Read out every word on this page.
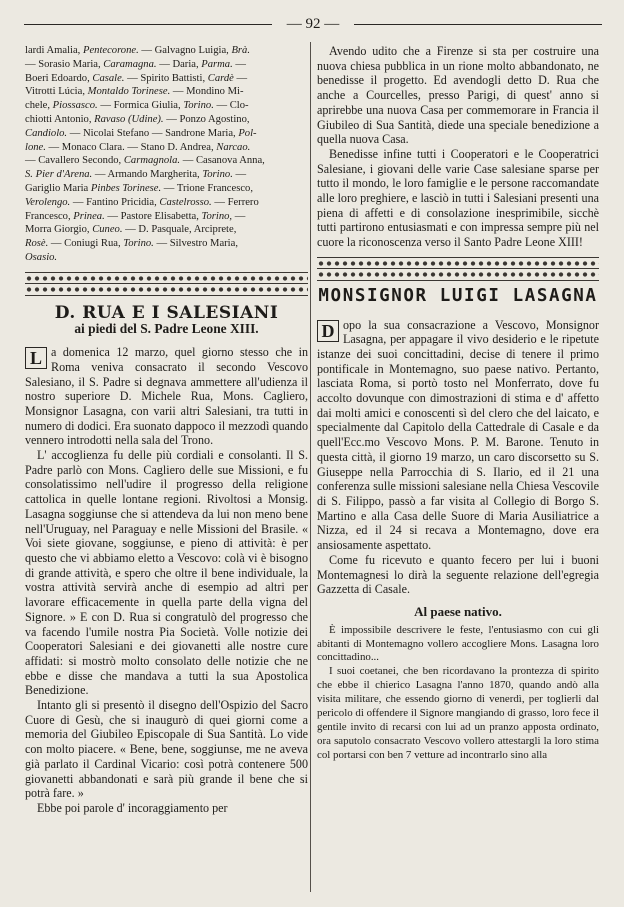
— 92 —
lardi Amalia, Pentecorone. — Galvagno Luigia, Brà.
— Sorasio Maria, Caramagna. — Daria, Parma. —
Boeri Edoardo, Casale. — Spirito Battisti, Cardè —
Vitrotti Lúcia, Montaldo Torinese. — Mondino Mi-
chele, Piossasco. — Formica Giulia, Torino. — Clo-
chiotti Antonio, Ravaso (Udine). — Ponzo Agostino,
Candiolo. — Nicolai Stefano — Sandrone Maria, Pol-
lone. — Monaco Clara. — Stano D. Andrea, Narcao.
— Cavallero Secondo, Carmagnola. — Casanova Anna,
S. Pier d'Arena. — Armando Margherita, Torino. —
Gariglio Maria Pinbes Torinese. — Trione Francesco,
Verolengo. — Fantino Pricidia, Castelrosso. — Ferrero
Francesco, Prinea. — Pastore Elisabetta, Torino, —
Morra Giorgio, Cuneo. — D. Pasquale, Arciprete,
Rosè. — Coniugi Rua, Torino. — Silvestro Maria,
Osasio.
D. RUA E I SALESIANI
ai piedi del S. Padre Leone XIII.

L a domenica 12 marzo, quel giorno stesso che in Roma veniva consacrato il secondo Vescovo Salesiano, il S. Padre si degnava ammettere all'udienza il nostro superiore D. Michele Rua, Mons. Cagliero, Monsignor Lasagna, con varii altri Salesiani, tra tutti in numero di dodici. Era suonato dappoco il mezzodì quando vennero introdotti nella sala del Trono.

L' accoglienza fu delle più cordiali e consolanti. Il S. Padre parlò con Mons. Cagliero delle sue Missioni, e fu consolatissimo nell'udire il progresso della religione cattolica in quelle lontane regioni. Rivoltosi a Monsig. Lasagna soggiunse che si attendeva da lui non meno bene nell'Uruguay, nel Paraguay e nelle Missioni del Brasile. « Voi siete giovane, soggiunse, e pieno di attività: è per questo che vi abbiamo eletto a Vescovo: colà vi è bisogno di grande attività, e spero che oltre il bene individuale, la vostra attività servirà anche di esempio ad altri per lavorare efficacemente in quella parte della vigna del Signore. » E con D. Rua si congratulò del progresso che va facendo l'umile nostra Pia Società. Volle notizie dei Cooperatori Salesiani e dei giovanetti alle nostre cure affidati: si mostrò molto consolato delle notizie che ne ebbe e disse che mandava a tutti la sua Apostolica Benedizione.

Intanto gli si presentò il disegno dell'Ospizio del Sacro Cuore di Gesù, che si inaugurò di quei giorni come a memoria del Giubileo Episcopale di Sua Santità. Lo vide con molto piacere. « Bene, bene, soggiunse, me ne aveva già parlato il Cardinal Vicario: così potrà contenere 500 giovanetti abbandonati e sarà più grande il bene che si potrà fare. »

Ebbe poi parole d' incoraggiamento per

Avendo udito che a Firenze si sta per costruire una nuova chiesa pubblica in un rione molto abbandonato, ne benedisse il progetto. Ed avendogli detto D. Rua che anche a Courcelles, presso Parigi, di quest' anno si aprirebbe una nuova Casa per commemorare in Francia il Giubileo di Sua Santità, diede una speciale benedizione a quella nuova Casa.

Benedisse infine tutti i Cooperatori e le Cooperatrici Salesiane, i giovani delle varie Case salesiane sparse per tutto il mondo, le loro famiglie e le persone raccomandate alle loro preghiere, e lasciò in tutti i Salesiani presenti una piena di affetti e di consolazione inesprimibile, sicchè tutti partirono entusiasmati e con impressa sempre più nel cuore la riconoscenza verso il Santo Padre Leone XIII!

MONSIGNOR LUIGI LASAGNA

D opo la sua consacrazione a Vescovo, Monsignor Lasagna, per appagare il vivo desiderio e le ripetute istanze dei suoi concittadini, decise di tenere il primo pontificale in Montemagno, suo paese nativo. Pertanto, lasciata Roma, si portò tosto nel Monferrato, dove fu accolto dovunque con dimostrazioni di stima e d' affetto dai molti amici e conoscenti sì del clero che del laicato, e specialmente dal Capitolo della Cattedrale di Casale e da quell'Ecc.mo Vescovo Mons. P. M. Barone. Tenuto in questa città, il giorno 19 marzo, un caro discorsetto su S. Giuseppe nella Parrocchia di S. Ilario, ed il 21 una conferenza sulle missioni salesiane nella Chiesa Vescovile di S. Filippo, passò a far visita al Collegio di Borgo S. Martino e alla Casa delle Suore di Maria Ausiliatrice a Nizza, ed il 24 si recava a Montemagno, dove era ansiosamente aspettato.

Come fu ricevuto e quanto fecero per lui i buoni Montemagnesi lo dirà la seguente relazione dell'egregia Gazzetta di Casale.

Al paese nativo.

È impossibile descrivere le feste, l'entusiasmo con cui gli abitanti di Montemagno vollero accogliere Mons. Lasagna loro concittadino...

I suoi coetanei, che ben ricordavano la prontezza di spirito che ebbe il chierico Lasagna l'anno 1870, quando andò alla visita militare, che essendo giorno di venerdì, per toglierli dal pericolo di offendere il Signore mangiando di grasso, loro fece il gentile invito di recarsi con lui ad un pranzo apposta ordinato, ora saputolo consacrato Vescovo vollero attestargli la loro stima col portarsi con ben 7 vetture ad incontrarlo sino alla
